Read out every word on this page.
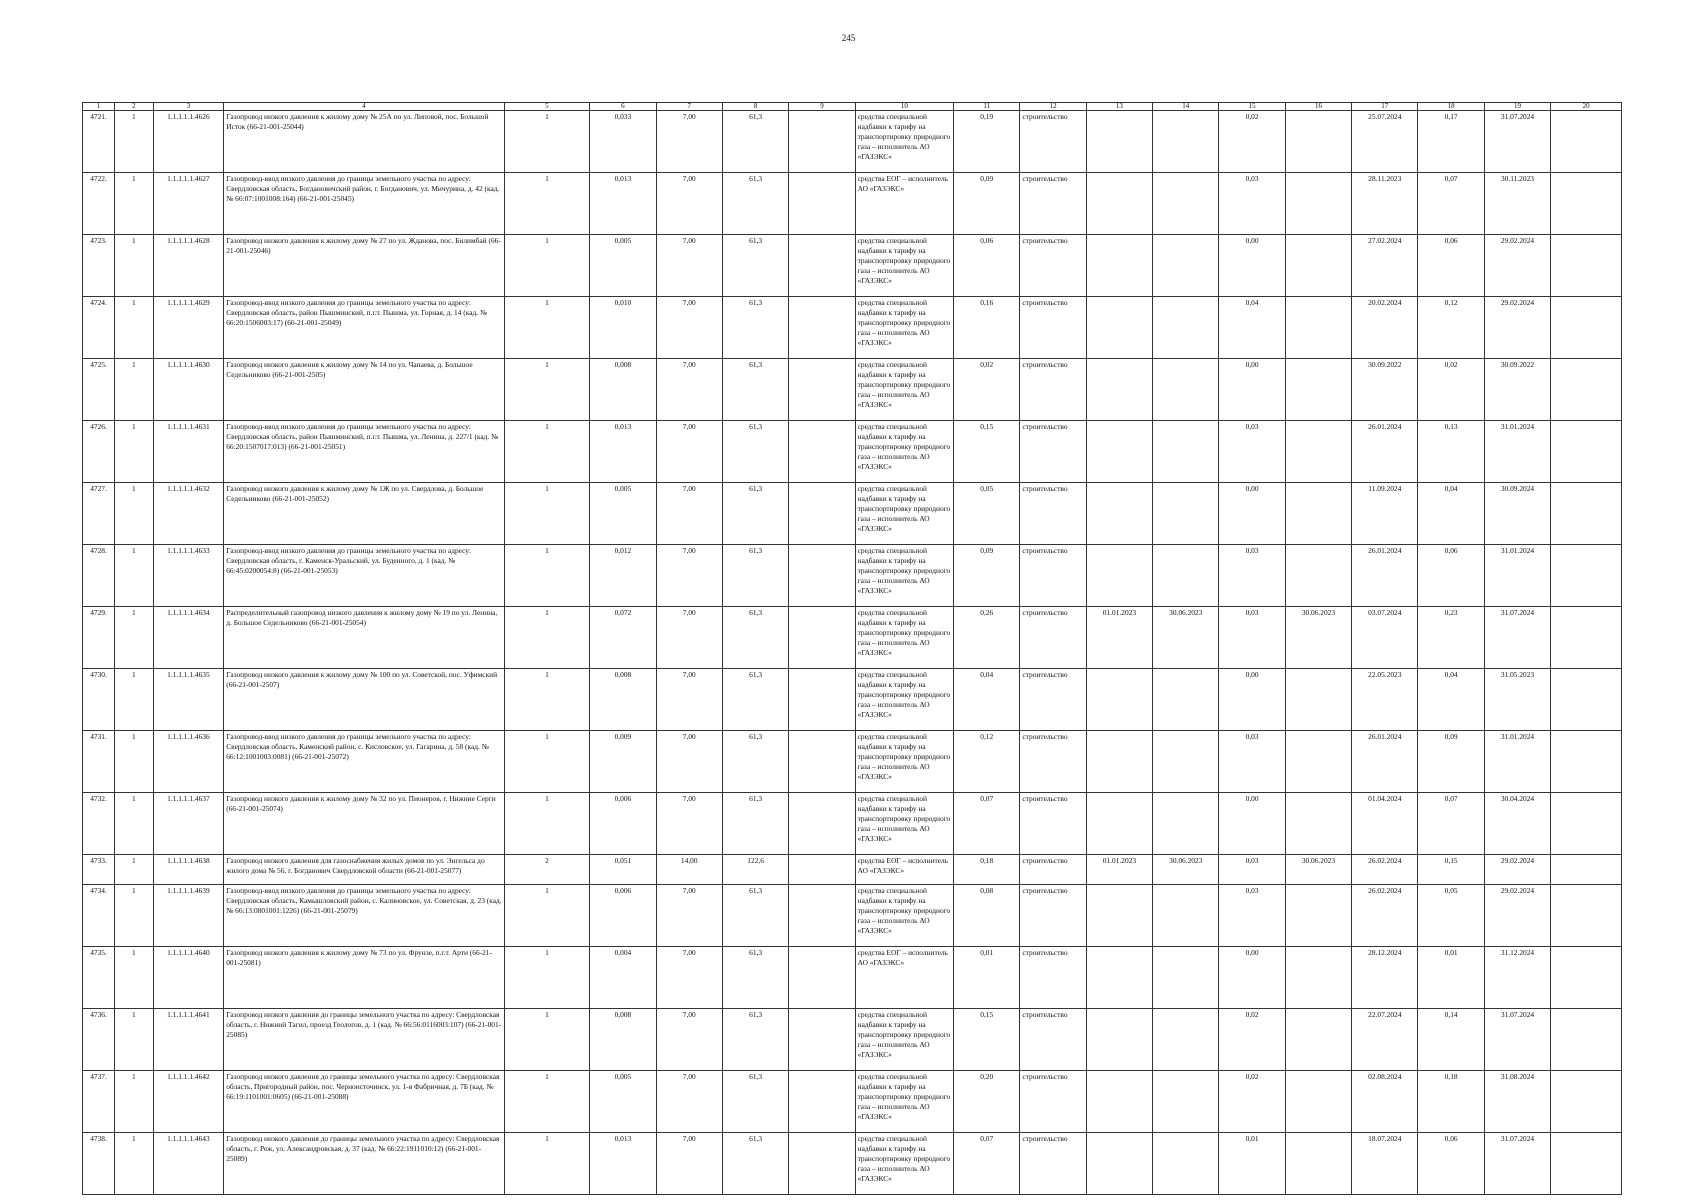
245
1	2	3	4	5	6	7	8	9	10	11	12	13	14	15	16	17	18	19	20
4721.	1	1.1.1.1.1.4626	Газопровод низкого давления к жилому дому № 25А по ул. Липовой, пос. Большой Исток (66-21-001-25044)	1	0,033	7,00	61,3		средства специальной надбавки к тарифу на транспортировку природного газа – исполнитель АО «ГАЗЭКС»	0,19	строительство			0,02		25.07.2024	0,17	31.07.2024	
4722.	1	1.1.1.1.1.4627	Газопровод-ввод низкого давления до границы земельного участка по адресу: Свердловская область, Богдановичский район, г. Богданович, ул. Мичурина, д. 42 (кад. № 66:07:1001008:164) (66-21-001-25045)	1	0,013	7,00	61,3		средства ЕОГ – исполнитель АО «ГАЗЭКС»	0,09	строительство			0,03		28.11.2023	0,07	30.11.2023	
4723.	1	1.1.1.1.1.4628	Газопровод низкого давления к жилому дому № 27 по ул. Жданова, пос. Билимбай (66-21-001-25046)	1	0,005	7,00	61,3		средства специальной надбавки к тарифу на транспортировку природного газа – исполнитель АО «ГАЗЭКС»	0,06	строительство			0,00		27.02.2024	0,06	29.02.2024	
4724.	1	1.1.1.1.1.4629	Газопровод-ввод низкого давления до границы земельного участка по адресу: Свердловская область, район Пышминский, п.г.т. Пышма, ул. Горная, д. 14 (кад. № 66:20:1506003:17) (66-21-001-25049)	1	0,010	7,00	61,3		средства специальной надбавки к тарифу на транспортировку природного газа – исполнитель АО «ГАЗЭКС»	0,16	строительство			0,04		20.02.2024	0,12	29.02.2024	
4725.	1	1.1.1.1.1.4630	Газопровод низкого давления к жилому дому № 14 по ул. Чапаева, д. Большое Седельниково (66-21-001-2505)	1	0,008	7,00	61,3		средства специальной надбавки к тарифу на транспортировку природного газа – исполнитель АО «ГАЗЭКС»	0,02	строительство			0,00		30.09.2022	0,02	30.09.2022	
4726.	1	1.1.1.1.1.4631	Газопровод-ввод низкого давления до границы земельного участка по адресу: Свердловская область, район Пышминский, п.г.т. Пышма, ул. Ленина, д. 227/1 (кад. № 66:20:1507017:013) (66-21-001-25051)	1	0,013	7,00	61,3		средства специальной надбавки к тарифу на транспортировку природного газа – исполнитель АО «ГАЗЭКС»	0,15	строительство			0,03		26.01.2024	0,13	31.01.2024	
4727.	1	1.1.1.1.1.4632	Газопровод низкого давления к жилому дому № 1Ж по ул. Свердлова, д. Большое Седельниково (66-21-001-25052)	1	0,005	7,00	61,3		средства специальной надбавки к тарифу на транспортировку природного газа – исполнитель АО «ГАЗЭКС»	0,05	строительство			0,00		11.09.2024	0,04	30.09.2024	
4728.	1	1.1.1.1.1.4633	Газопровод-ввод низкого давления до границы земельного участка по адресу: Свердловская область, г. Каменск-Уральский, ул. Буденного, д. 1 (кад. № 66:45:0200054:8) (66-21-001-25053)	1	0,012	7,00	61,3		средства специальной надбавки к тарифу на транспортировку природного газа – исполнитель АО «ГАЗЭКС»	0,09	строительство			0,03		26.01.2024	0,06	31.01.2024	
4729.	1	1.1.1.1.1.4634	Распределительный газопровод низкого давления к жилому дому № 19 по ул. Ленина, д. Большое Седельниково (66-21-001-25054)	1	0,072	7,00	61,3		средства специальной надбавки к тарифу на транспортировку природного газа – исполнитель АО «ГАЗЭКС»	0,26	строительство	01.01.2023	30.06.2023	0,03	30.06.2023	03.07.2024	0,23	31.07.2024	
4730.	1	1.1.1.1.1.4635	Газопровод низкого давления к жилому дому № 100 по ул. Советской, пос. Уфимский (66-21-001-2507)	1	0,008	7,00	61,3		средства специальной надбавки к тарифу на транспортировку природного газа – исполнитель АО «ГАЗЭКС»	0,04	строительство			0,00		22.05.2023	0,04	31.05.2023	
4731.	1	1.1.1.1.1.4636	Газопровод-ввод низкого давления до границы земельного участка по адресу: Свердловская область, Каменский район, с. Кисловское, ул. Гагарина, д. 58 (кад. № 66:12:1001003:0081) (66-21-001-25072)	1	0,009	7,00	61,3		средства специальной надбавки к тарифу на транспортировку природного газа – исполнитель АО «ГАЗЭКС»	0,12	строительство			0,03		26.01.2024	0,09	31.01.2024	
4732.	1	1.1.1.1.1.4637	Газопровод низкого давления к жилому дому № 32 по ул. Пионеров, г. Нижние Серги (66-21-001-25074)	1	0,006	7,00	61,3		средства специальной надбавки к тарифу на транспортировку природного газа – исполнитель АО «ГАЗЭКС»	0,07	строительство			0,00		01.04.2024	0,07	30.04.2024	
4733.	1	1.1.1.1.1.4638	Газопровод низкого давления для газоснабжения жилых домов по ул. Энгельса до жилого дома № 56, г. Богданович Свердловской области (66-21-001-25077)	2	0,051	14,00	122,6		средства ЕОГ – исполнитель АО «ГАЗЭКС»	0,18	строительство	01.01.2023	30.06.2023	0,03	30.06.2023	26.02.2024	0,15	29.02.2024	
4734.	1	1.1.1.1.1.4639	Газопровод-ввод низкого давления до границы земельного участка по адресу: Свердловская область, Камышловский район, с. Калиновское, ул. Советская, д. 23 (кад. № 66:13:0801001:1226) (66-21-001-25079)	1	0,006	7,00	61,3		средства специальной надбавки к тарифу на транспортировку природного газа – исполнитель АО «ГАЗЭКС»	0,08	строительство			0,03		26.02.2024	0,05	29.02.2024	
4735.	1	1.1.1.1.1.4640	Газопровод низкого давления к жилому дому № 73 по ул. Фрунзе, п.г.т. Арти (66-21-001-25081)	1	0,004	7,00	61,3		средства ЕОГ – исполнитель АО «ГАЗЭКС»	0,01	строительство			0,00		28.12.2024	0,01	31.12.2024	
4736.	1	1.1.1.1.1.4641	Газопровод низкого давления до границы земельного участка по адресу: Свердловская область, г. Нижний Тагил, проезд Геологов, д. 1 (кад. № 66:56:0116003:107) (66-21-001-25085)	1	0,008	7,00	61,3		средства специальной надбавки к тарифу на транспортировку природного газа – исполнитель АО «ГАЗЭКС»	0,15	строительство			0,02		22.07.2024	0,14	31.07.2024	
4737.	1	1.1.1.1.1.4642	Газопровод низкого давления до границы земельного участка по адресу: Свердловская область, Пригородный район, пос. Черноисточинск, ул. 1-я Фабричная, д. 7Б (кад. № 66:19:1101001:0605) (66-21-001-25088)	1	0,005	7,00	61,3		средства специальной надбавки к тарифу на транспортировку природного газа – исполнитель АО «ГАЗЭКС»	0,20	строительство			0,02		02.08.2024	0,18	31.08.2024	
4738.	1	1.1.1.1.1.4643	Газопровод низкого давления до границы земельного участка по адресу: Свердловская область, г. Реж, ул. Александровская, д. 37 (кад. № 66:22:1911010:12) (66-21-001-25089)	1	0,013	7,00	61,3		средства специальной надбавки к тарифу на транспортировку природного газа – исполнитель АО «ГАЗЭКС»	0,07	строительство			0,01		18.07.2024	0,06	31.07.2024	
